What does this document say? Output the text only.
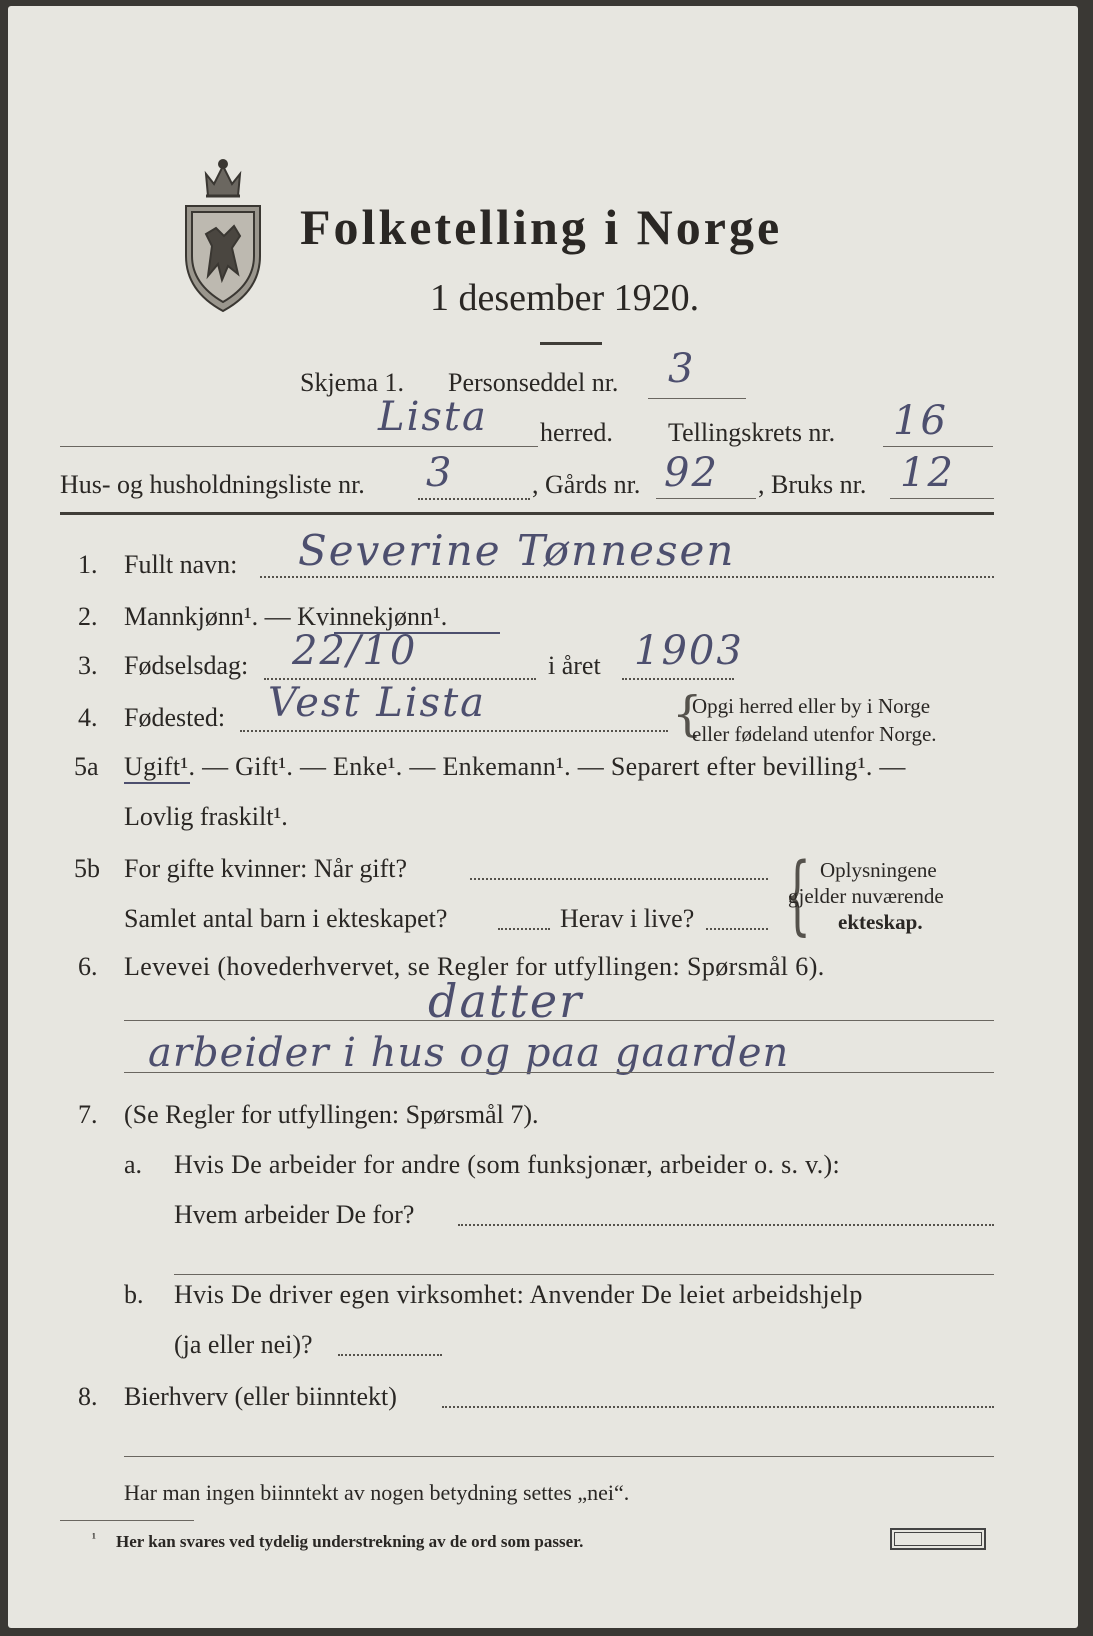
Folketelling i Norge
1 desember 1920.
Skjema 1. Personseddel nr. 3
Lista herred. Tellingskrets nr. 16
Hus- og husholdningsliste nr. 3	, Gårds nr. 92 , Bruks nr. 12
1. Fullt navn: Severine Tønnesen
2. Mannkjønn¹. — Kvinnekjønn¹.
3. Fødselsdag: 22/10	i året 1903
4. Fødested: Vest Lista	{
Opgi herred eller by i Norge
eller fødeland utenfor Norge.
5a Ugift¹. — Gift¹. — Enke¹. — Enkemann¹. — Separert efter bevilling¹. —
Lovlig fraskilt¹.
5b For gifte kvinner: Når gift?
Samlet antal barn i ekteskapet?	Herav i live? { Oplysningene
gjelder nuværende
ekteskap.
6. Levevei (hovederhvervet, se Regler for utfyllingen: Spørsmål 6).
datter
arbeider i hus og paa gaarden
7. (Se Regler for utfyllingen: Spørsmål 7).
a. Hvis De arbeider for andre (som funksjonær, arbeider o. s. v.):
Hvem arbeider De for?
b. Hvis De driver egen virksomhet: Anvender De leiet arbeidshjelp
(ja eller nei)?
8. Bierhverv (eller biinntekt)
Har man ingen biinntekt av nogen betydning settes „nei“.
¹ Her kan svares ved tydelig understrekning av de ord som passer.
